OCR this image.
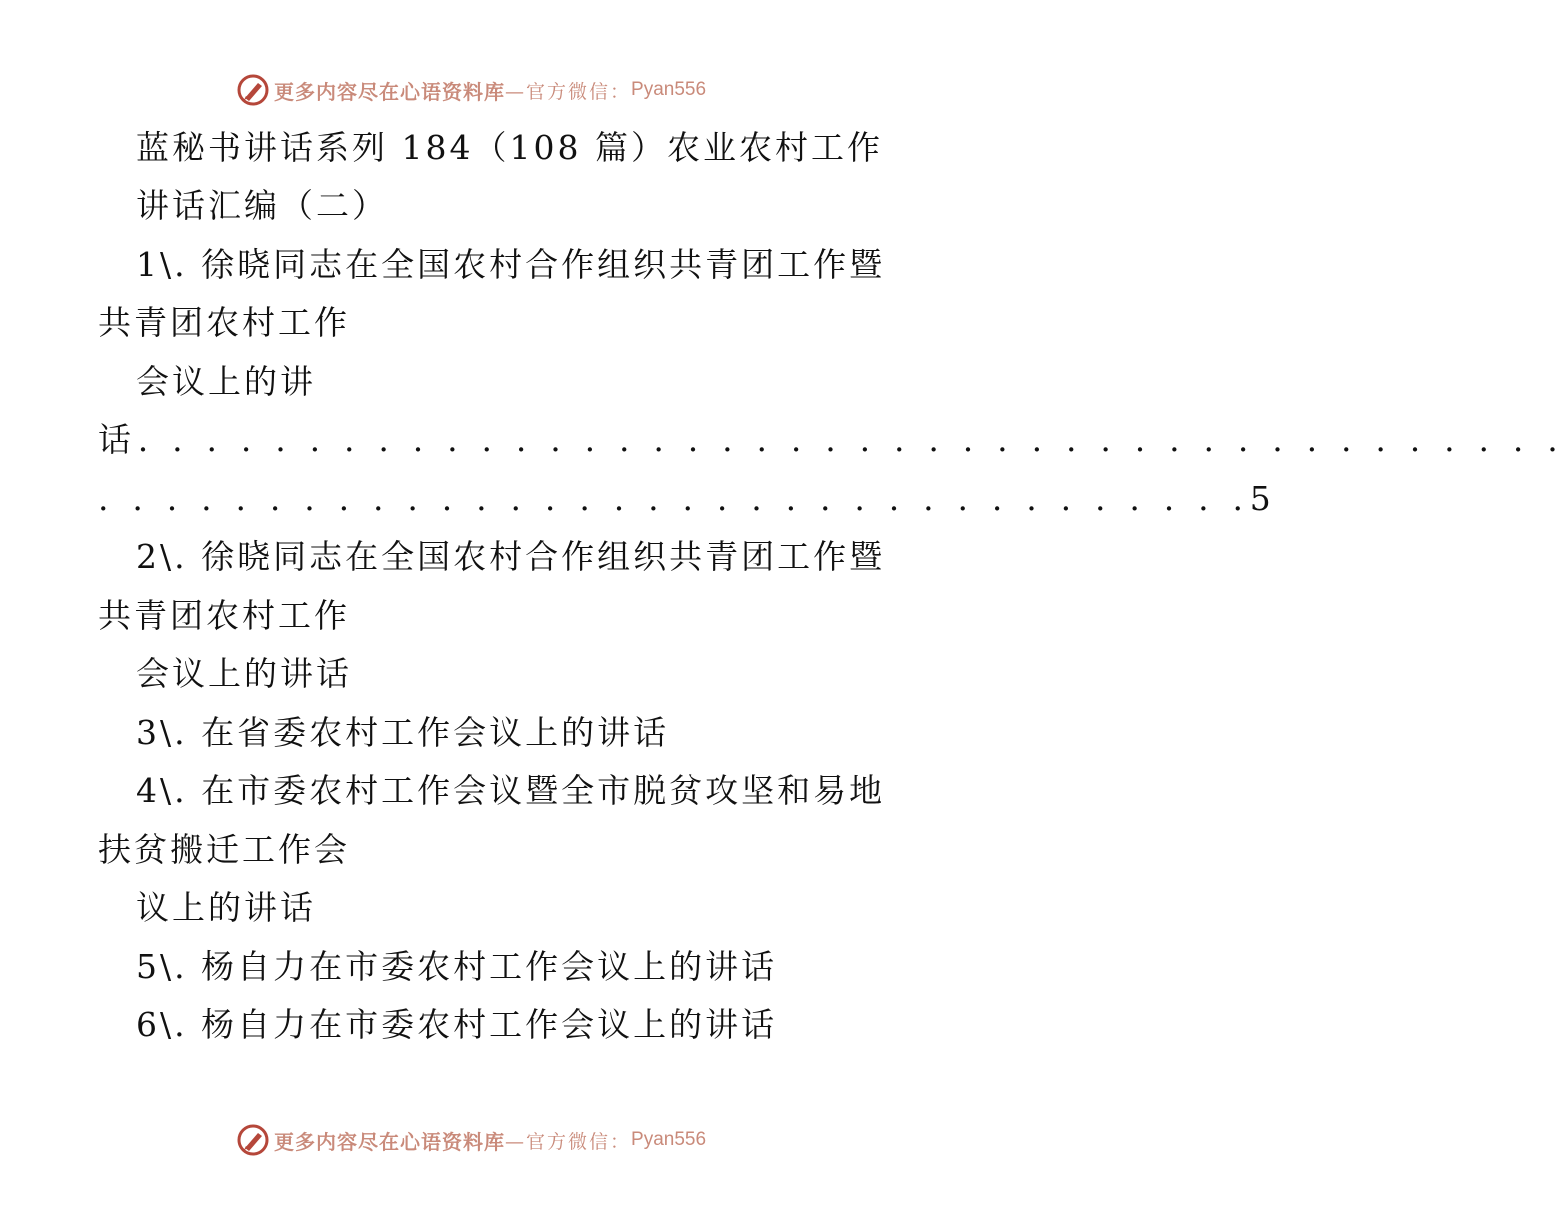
更多内容尽在心语资料库 —官方微信： Pyan556
蓝秘书讲话系列 184（108 篇）农业农村工作
讲话汇编（二）
1\. 徐晓同志在全国农村合作组织共青团工作暨
共青团农村工作
会议上的讲
话. . . . . . . . . . . . . . . . . . . . . . . . . . . . . . . . . . . . . . . . . .
. . . . . . . . . . . . . . . . . . . . . . . . . . . . . . . . . .5
2\. 徐晓同志在全国农村合作组织共青团工作暨
共青团农村工作
会议上的讲话
3\. 在省委农村工作会议上的讲话
4\. 在市委农村工作会议暨全市脱贫攻坚和易地
扶贫搬迁工作会
议上的讲话
5\. 杨自力在市委农村工作会议上的讲话
6\. 杨自力在市委农村工作会议上的讲话
更多内容尽在心语资料库 —官方微信： Pyan556
